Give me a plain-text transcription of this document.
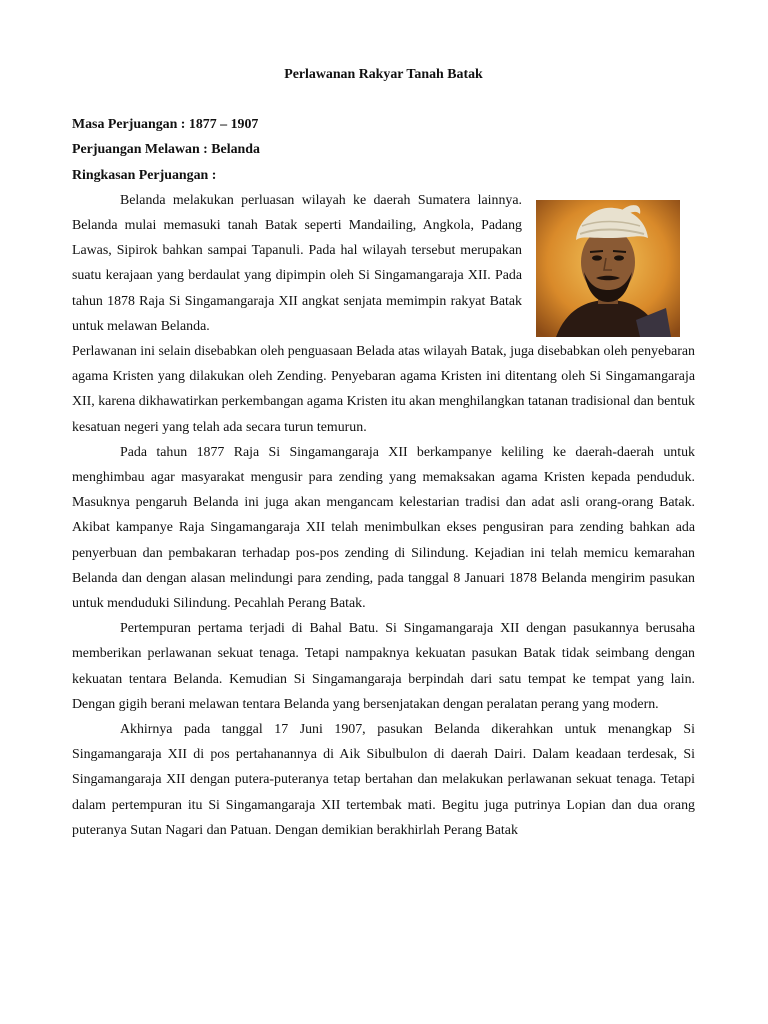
Perlawanan Rakyar Tanah Batak

Masa Perjuangan : 1877 – 1907

Perjuangan Melawan : Belanda

Ringkasan Perjuangan :

Belanda melakukan perluasan wilayah ke daerah Sumatera lainnya. Belanda mulai memasuki tanah Batak seperti Mandailing, Angkola, Padang Lawas, Sipirok bahkan sampai Tapanuli. Pada hal wilayah tersebut merupakan suatu kerajaan yang berdaulat yang dipimpin oleh Si Singamangaraja XII. Pada tahun 1878 Raja Si Singamangaraja XII angkat senjata memimpin rakyat Batak untuk melawan Belanda.

Perlawanan ini selain disebabkan oleh penguasaan Belada atas wilayah Batak, juga disebabkan oleh penyebaran agama Kristen yang dilakukan oleh Zending. Penyebaran agama Kristen ini ditentang oleh Si Singamangaraja XII, karena dikhawatirkan perkembangan agama Kristen itu akan menghilangkan tatanan tradisional dan bentuk kesatuan negeri yang telah ada secara turun temurun.

Pada tahun 1877 Raja Si Singamangaraja XII berkampanye keliling ke daerah-daerah untuk menghimbau agar masyarakat mengusir para zending yang memaksakan agama Kristen kepada penduduk. Masuknya pengaruh Belanda ini juga akan mengancam kelestarian tradisi dan adat asli orang-orang Batak. Akibat kampanye Raja Singamangaraja XII telah menimbulkan ekses pengusiran para zending bahkan ada penyerbuan dan pembakaran terhadap pos-pos zending di Silindung. Kejadian ini telah memicu kemarahan Belanda dan dengan alasan melindungi para zending, pada tanggal 8 Januari 1878 Belanda mengirim pasukan untuk menduduki Silindung. Pecahlah Perang Batak.

Pertempuran pertama terjadi di Bahal Batu. Si Singamangaraja XII dengan pasukannya berusaha memberikan perlawanan sekuat tenaga. Tetapi nampaknya kekuatan pasukan Batak tidak seimbang dengan kekuatan tentara Belanda. Kemudian Si Singamangaraja berpindah dari satu tempat ke tempat yang lain. Dengan gigih berani melawan tentara Belanda yang bersenjatakan dengan peralatan perang yang modern.

Akhirnya pada tanggal 17 Juni 1907, pasukan Belanda dikerahkan untuk menangkap Si Singamangaraja XII di pos pertahanannya di Aik Sibulbulon di daerah Dairi. Dalam keadaan terdesak, Si Singamangaraja XII dengan putera-puteranya tetap bertahan dan melakukan perlawanan sekuat tenaga. Tetapi dalam pertempuran itu Si Singamangaraja XII tertembak mati. Begitu juga putrinya Lopian dan dua orang puteranya Sutan Nagari dan Patuan. Dengan demikian berakhirlah Perang Batak
